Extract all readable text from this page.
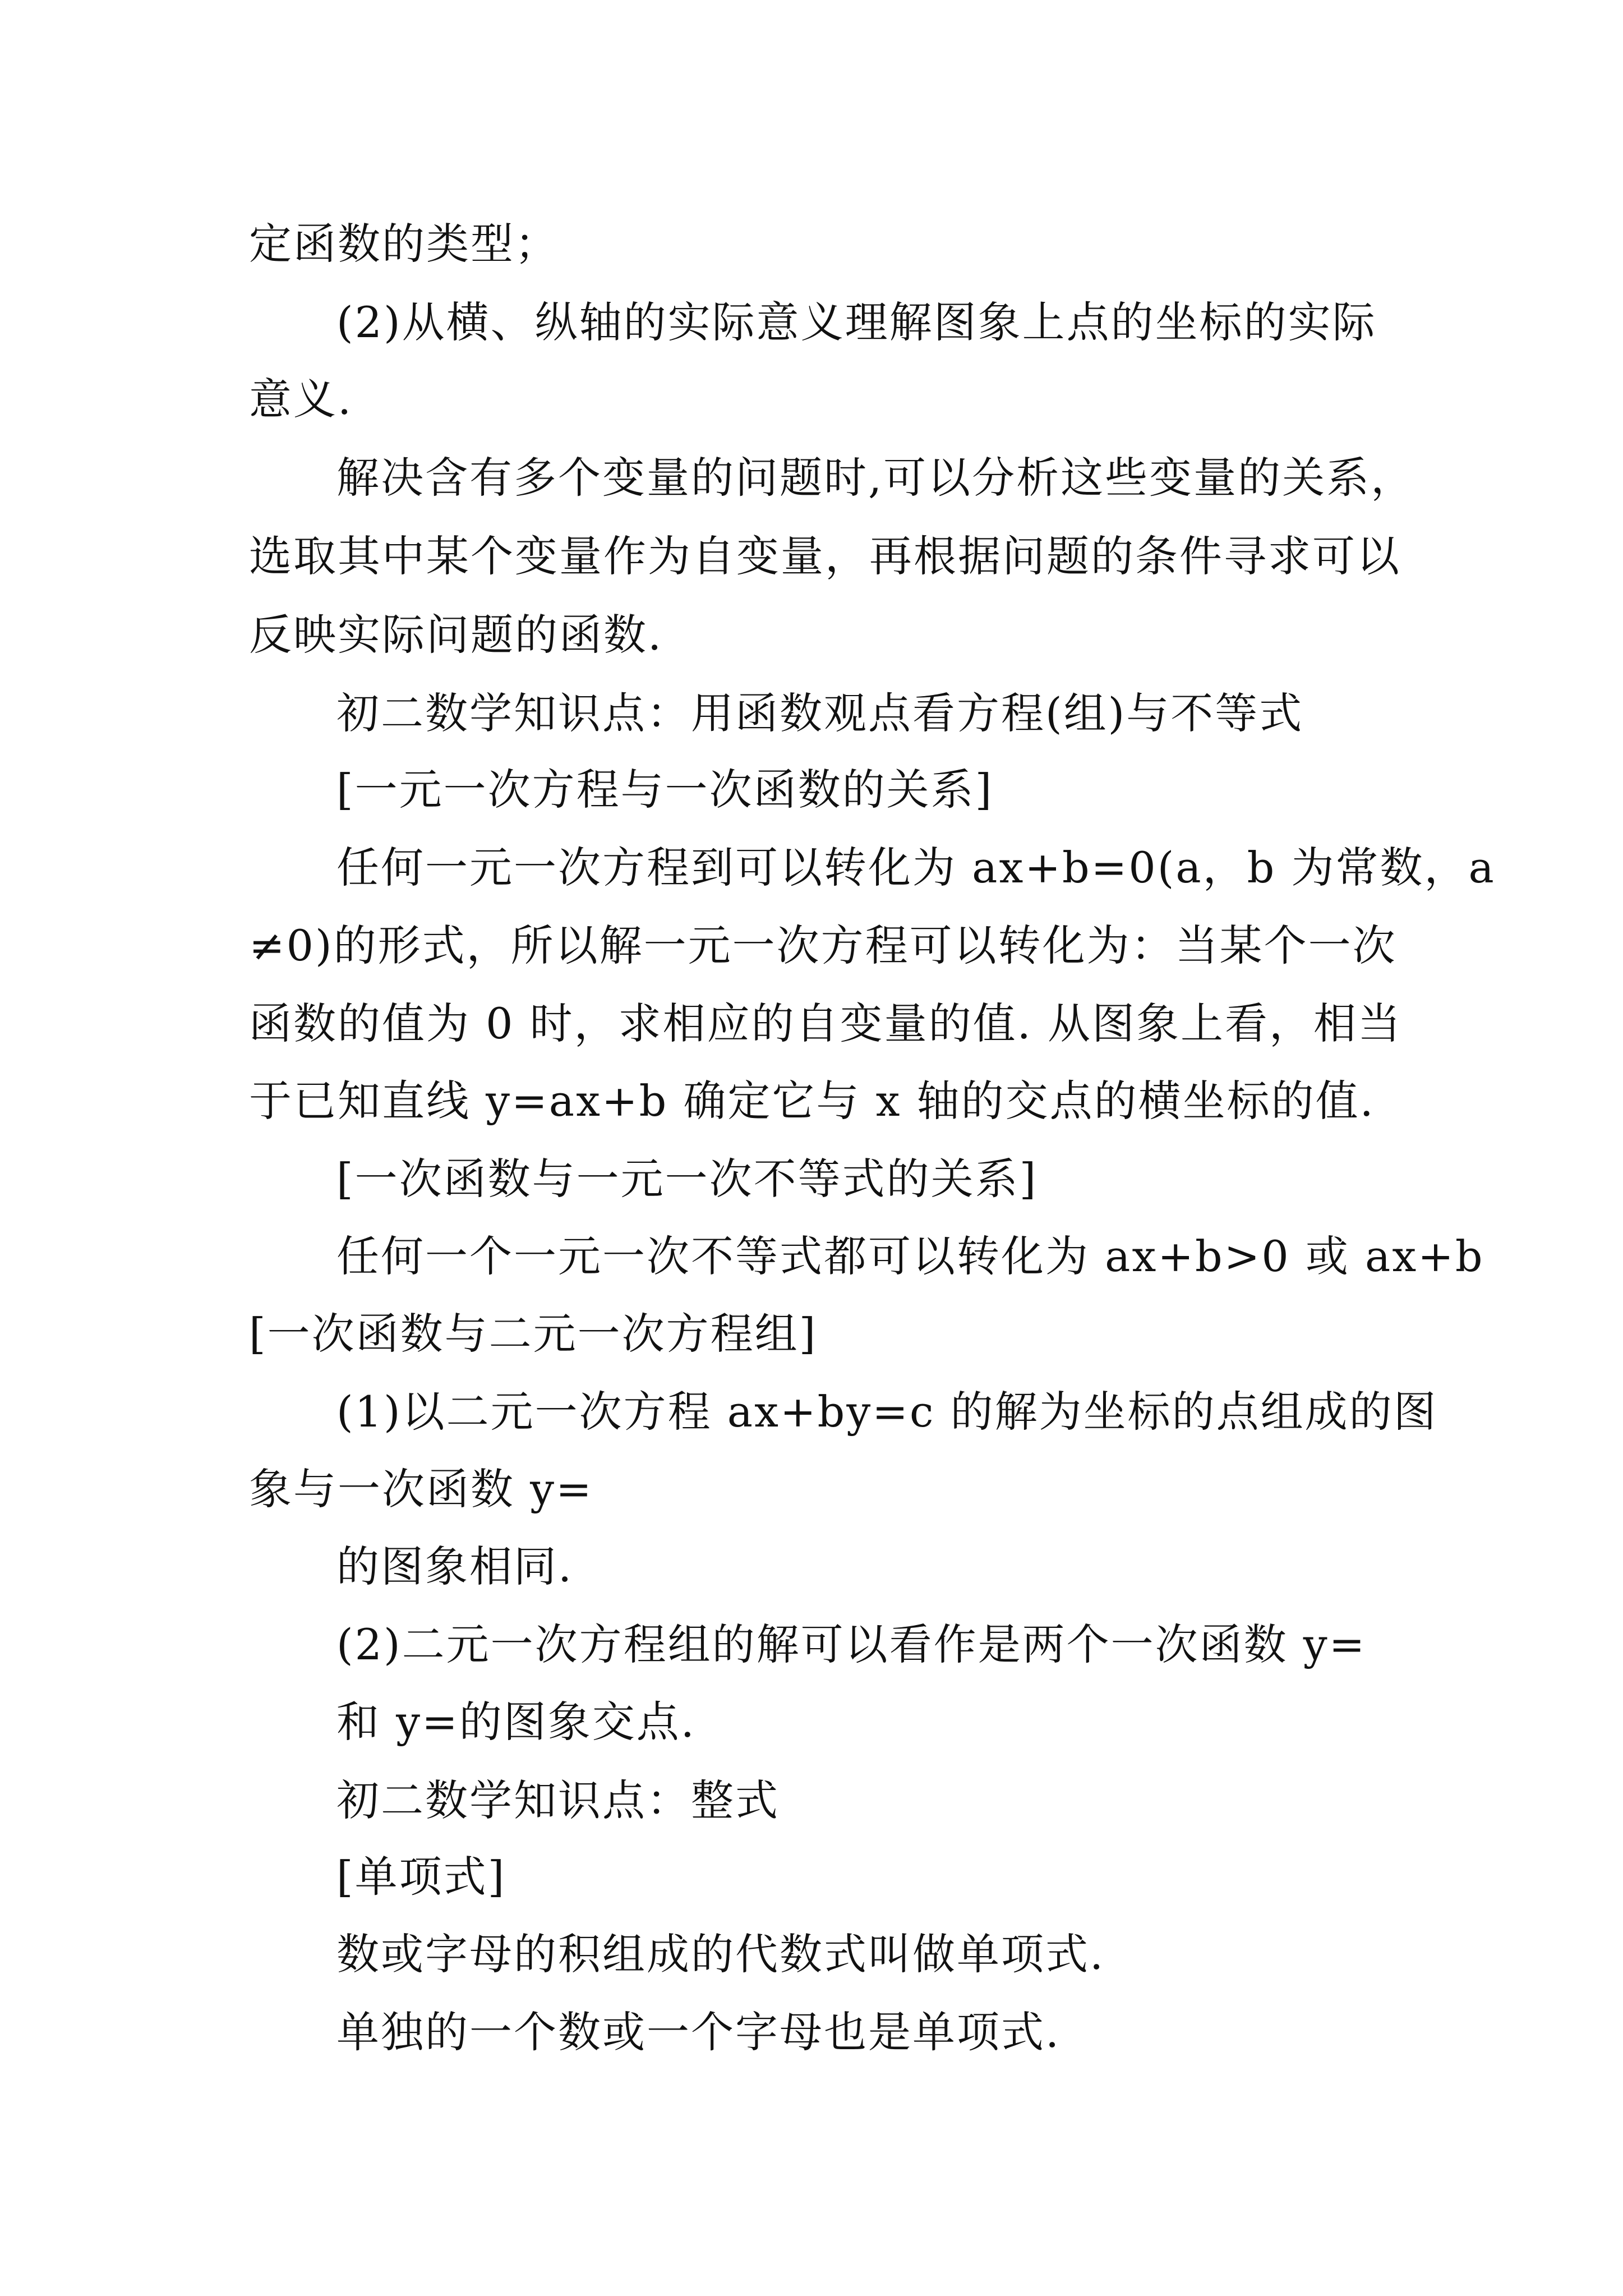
定函数的类型；
(2)从横、纵轴的实际意义理解图象上点的坐标的实际
意义.
解决含有多个变量的问题时,可以分析这些变量的关系，
选取其中某个变量作为自变量，再根据问题的条件寻求可以
反映实际问题的函数.
初二数学知识点：用函数观点看方程(组)与不等式
[一元一次方程与一次函数的关系]
任何一元一次方程到可以转化为 ax+b=0(a，b 为常数，a
≠0)的形式，所以解一元一次方程可以转化为：当某个一次
函数的值为 0 时，求相应的自变量的值. 从图象上看，相当
于已知直线 y=ax+b 确定它与 x 轴的交点的横坐标的值.
[一次函数与一元一次不等式的关系]
任何一个一元一次不等式都可以转化为 ax+b>0 或 ax+b
[一次函数与二元一次方程组]
(1)以二元一次方程 ax+by=c 的解为坐标的点组成的图
象与一次函数 y=
的图象相同.
(2)二元一次方程组的解可以看作是两个一次函数 y=
和 y=的图象交点.
初二数学知识点：整式
[单项式]
数或字母的积组成的代数式叫做单项式.
单独的一个数或一个字母也是单项式.
